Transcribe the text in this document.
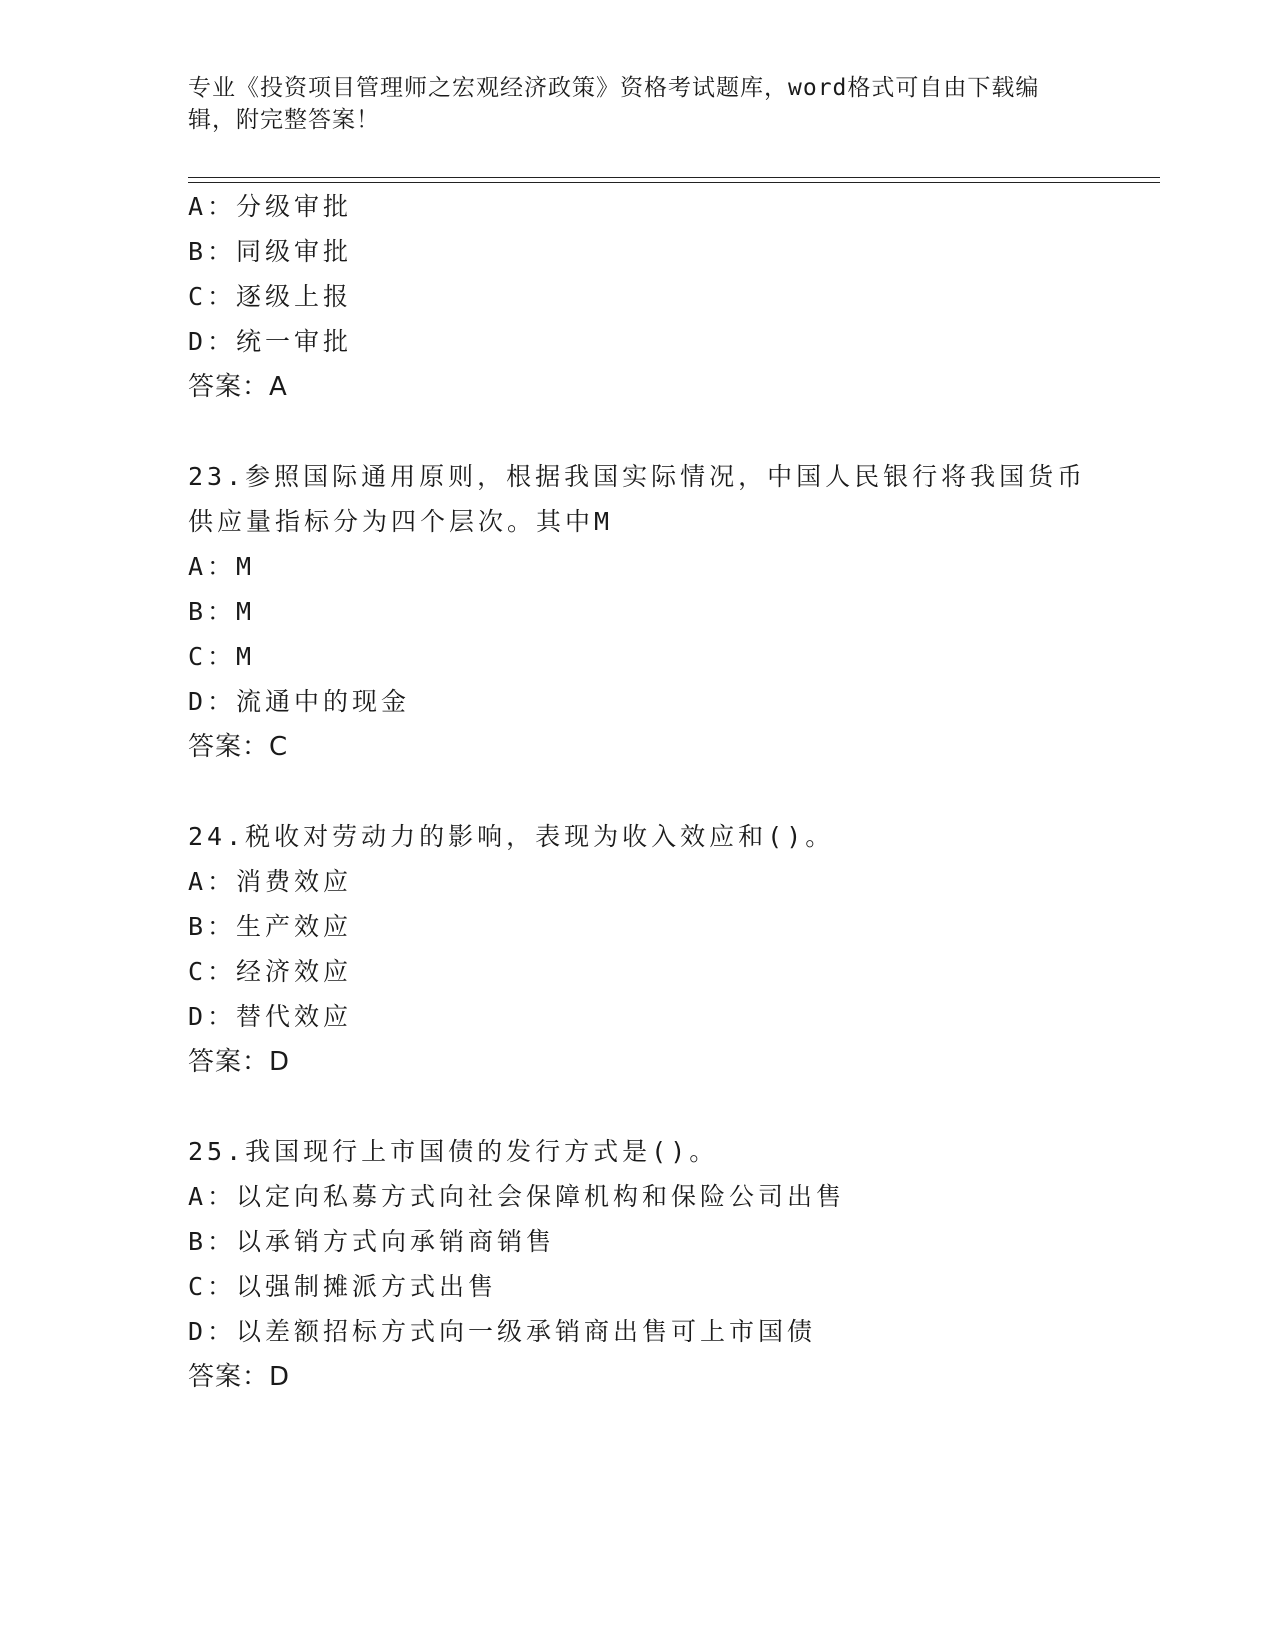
专业《投资项目管理师之宏观经济政策》资格考试题库，word格式可自由下载编
辑，附完整答案！
A：分级审批
B：同级审批
C：逐级上报
D：统一审批
答案：A
23.参照国际通用原则，根据我国实际情况，中国人民银行将我国货币
供应量指标分为四个层次。其中M
A：M
B：M
C：M
D：流通中的现金
答案：C
24.税收对劳动力的影响，表现为收入效应和()。
A：消费效应
B：生产效应
C：经济效应
D：替代效应
答案：D
25.我国现行上市国债的发行方式是()。
A：以定向私募方式向社会保障机构和保险公司出售
B：以承销方式向承销商销售
C：以强制摊派方式出售
D：以差额招标方式向一级承销商出售可上市国债
答案：D
